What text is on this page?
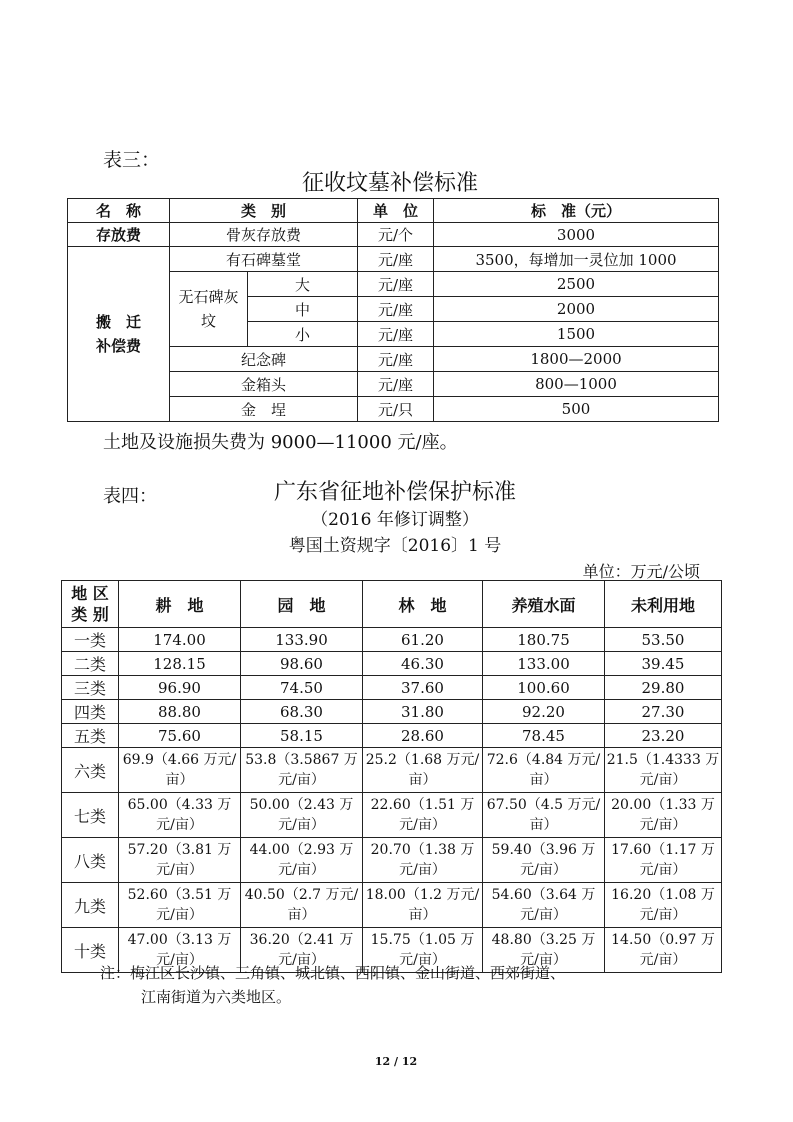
表三：
征收坟墓补偿标准
名　称	类　别		单　位	标　准（元）
存放费	骨灰存放费		元/个	3000
搬　迁补偿费	有石碑墓堂		元/座	3500，每增加一灵位加 1000
	无石碑灰坟	大	元/座	2500
		中	元/座	2000
		小	元/座	1500
	纪念碑		元/座	1800—2000
	金箱头		元/座	800—1000
	金　埕		元/只	500
土地及设施损失费为 9000—11000 元/座。
表四：	广东省征地补偿保护标准
（2016 年修订调整）
粤国土资规字〔2016〕1 号
单位：万元/公顷
地 区类 别	耕　地	园　地	林　地	养殖水面	未利用地
一类	174.00	133.90	61.20	180.75	53.50
二类	128.15	98.60	46.30	133.00	39.45
三类	96.90	74.50	37.60	100.60	29.80
四类	88.80	68.30	31.80	92.20	27.30
五类	75.60	58.15	28.60	78.45	23.20
六类	69.9（4.66 万元/亩）	53.8（3.5867 万元/亩）	25.2（1.68 万元/亩）	72.6（4.84 万元/亩）	21.5（1.4333 万元/亩）
七类	65.00（4.33 万元/亩）	50.00（2.43 万元/亩）	22.60（1.51 万元/亩）	67.50（4.5 万元/亩）	20.00（1.33 万元/亩）
八类	57.20（3.81 万元/亩）	44.00（2.93 万元/亩）	20.70（1.38 万元/亩）	59.40（3.96 万元/亩）	17.60（1.17 万元/亩）
九类	52.60（3.51 万元/亩）	40.50（2.7 万元/亩）	18.00（1.2 万元/亩）	54.60（3.64 万元/亩）	16.20（1.08 万元/亩）
十类	47.00（3.13 万元/亩）	36.20（2.41 万元/亩）	15.75（1.05 万元/亩）	48.80（3.25 万元/亩）	14.50（0.97 万元/亩）
注：梅江区长沙镇、三角镇、城北镇、西阳镇、金山街道、西郊街道、
江南街道为六类地区。
12 / 12
